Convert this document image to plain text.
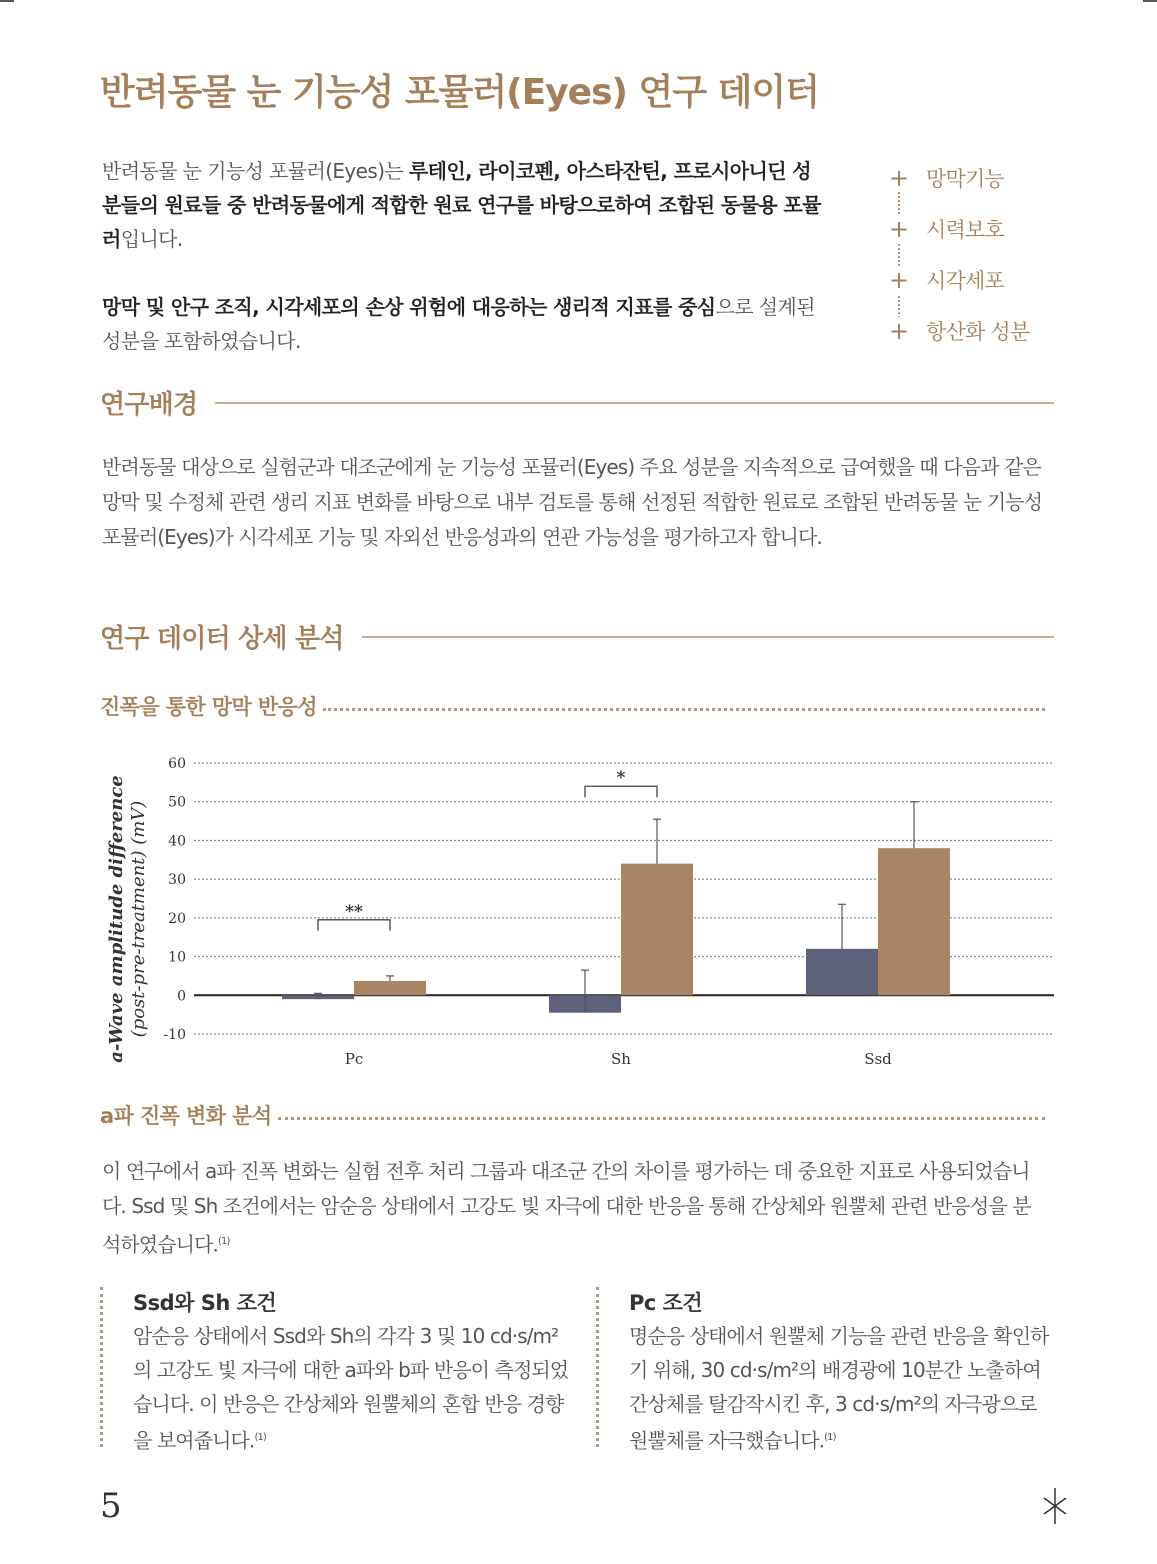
반려동물 눈 기능성 포뮬러(Eyes) 연구 데이터

반려동물 눈 기능성 포뮬러(Eyes)는 루테인, 라이코펜, 아스타잔틴, 프로시아니딘 성분들의 원료들 중 반려동물에게 적합한 원료 연구를 바탕으로하여 조합된 동물용 포뮬러입니다.

망막 및 안구 조직, 시각세포의 손상 위험에 대응하는 생리적 지표를 중심으로 설계된 성분을 포함하였습니다.

+ 망막기능
+ 시력보호
+ 시각세포
+ 항산화 성분
연구배경

반려동물 대상으로 실험군과 대조군에게 눈 기능성 포뮬러(Eyes) 주요 성분을 지속적으로 급여했을 때 다음과 같은 망막 및 수정체 관련 생리 지표 변화를 바탕으로 내부 검토를 통해 선정된 적합한 원료로 조합된 반려동물 눈 기능성 포뮬러(Eyes)가 시각세포 기능 및 자외선 반응성과의 연관 가능성을 평가하고자 합니다.

연구 데이터 상세 분석
진폭을 통한 망막 반응성
-10
0
10
20
30
40
50
60
Pc	Sh	Ssd
**
*
a-Wave amplitude difference (post-pre-treatment) (mV)
a파 진폭 변화 분석

이 연구에서 a파 진폭 변화는 실험 전후 처리 그룹과 대조군 간의 차이를 평가하는 데 중요한 지표로 사용되었습니다. Ssd 및 Sh 조건에서는 암순응 상태에서 고강도 빛 자극에 대한 반응을 통해 간상체와 원뿔체 관련 반응성을 분석하였습니다.$^{(1)}$

Ssd와 Sh 조건

암순응 상태에서 Ssd와 Sh의 각각 3 및 10 cd·s/m²의 고강도 빛 자극에 대한 a파와 b파 반응이 측정되었습니다. 이 반응은 간상체와 원뿔체의 혼합 반응 경향을 보여줍니다.$^{(1)}$

Pc 조건

명순응 상태에서 원뿔체 기능을 관련 반응을 확인하기 위해, 30 cd·s/m²의 배경광에 10분간 노출하여 간상체를 탈감작시킨 후, 3 cd·s/m²의 자극광으로 원뿔체를 자극했습니다.$^{(1)}$

5
